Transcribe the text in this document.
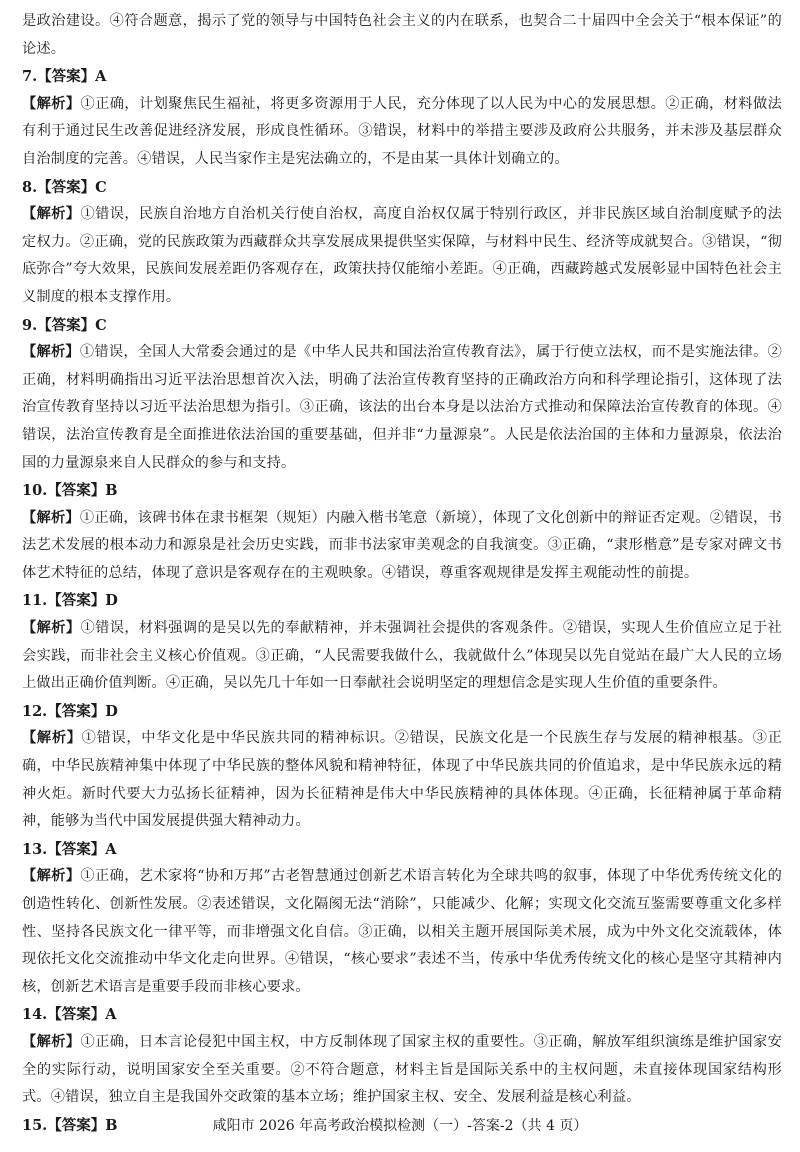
是政治建设。④符合题意，揭示了党的领导与中国特色社会主义的内在联系，也契合二十届四中全会关于“根本保证”的论述。

7.【答案】A

【解析】①正确，计划聚焦民生福祉，将更多资源用于人民，充分体现了以人民为中心的发展思想。②正确，材料做法有利于通过民生改善促进经济发展，形成良性循环。③错误，材料中的举措主要涉及政府公共服务，并未涉及基层群众自治制度的完善。④错误，人民当家作主是宪法确立的，不是由某一具体计划确立的。

8.【答案】C

【解析】①错误，民族自治地方自治机关行使自治权，高度自治权仅属于特别行政区，并非民族区域自治制度赋予的法定权力。②正确，党的民族政策为西藏群众共享发展成果提供坚实保障，与材料中民生、经济等成就契合。③错误，“彻底弥合”夸大效果，民族间发展差距仍客观存在，政策扶持仅能缩小差距。④正确，西藏跨越式发展彰显中国特色社会主义制度的根本支撑作用。

9.【答案】C

【解析】①错误，全国人大常委会通过的是《中华人民共和国法治宣传教育法》，属于行使立法权，而不是实施法律。②正确，材料明确指出习近平法治思想首次入法，明确了法治宣传教育坚持的正确政治方向和科学理论指引，这体现了法治宣传教育坚持以习近平法治思想为指引。③正确，该法的出台本身是以法治方式推动和保障法治宣传教育的体现。④错误，法治宣传教育是全面推进依法治国的重要基础，但并非“力量源泉”。人民是依法治国的主体和力量源泉，依法治国的力量源泉来自人民群众的参与和支持。

10.【答案】B

【解析】①正确，该碑书体在隶书框架（规矩）内融入楷书笔意（新境），体现了文化创新中的辩证否定观。②错误，书法艺术发展的根本动力和源泉是社会历史实践，而非书法家审美观念的自我演变。③正确，“隶形楷意”是专家对碑文书体艺术特征的总结，体现了意识是客观存在的主观映象。④错误，尊重客观规律是发挥主观能动性的前提。

11.【答案】D

【解析】①错误，材料强调的是吴以先的奉献精神，并未强调社会提供的客观条件。②错误，实现人生价值应立足于社会实践，而非社会主义核心价值观。③正确，“人民需要我做什么，我就做什么”体现吴以先自觉站在最广大人民的立场上做出正确价值判断。④正确，吴以先几十年如一日奉献社会说明坚定的理想信念是实现人生价值的重要条件。

12.【答案】D

【解析】①错误，中华文化是中华民族共同的精神标识。②错误，民族文化是一个民族生存与发展的精神根基。③正确，中华民族精神集中体现了中华民族的整体风貌和精神特征，体现了中华民族共同的价值追求，是中华民族永远的精神火炬。新时代要大力弘扬长征精神，因为长征精神是伟大中华民族精神的具体体现。④正确，长征精神属于革命精神，能够为当代中国发展提供强大精神动力。

13.【答案】A

【解析】①正确，艺术家将“协和万邦”古老智慧通过创新艺术语言转化为全球共鸣的叙事，体现了中华优秀传统文化的创造性转化、创新性发展。②表述错误，文化隔阂无法“消除”，只能减少、化解；实现文化交流互鉴需要尊重文化多样性、坚持各民族文化一律平等，而非增强文化自信。③正确，以相关主题开展国际美术展，成为中外文化交流载体，体现依托文化交流推动中华文化走向世界。④错误，“核心要求”表述不当，传承中华优秀传统文化的核心是坚守其精神内核，创新艺术语言是重要手段而非核心要求。

14.【答案】A

【解析】①正确，日本言论侵犯中国主权，中方反制体现了国家主权的重要性。③正确，解放军组织演练是维护国家安全的实际行动，说明国家安全至关重要。②不符合题意，材料主旨是国际关系中的主权问题，未直接体现国家结构形式。④错误，独立自主是我国外交政策的基本立场；维护国家主权、安全、发展利益是核心利益。

15.【答案】B	咸阳市 2026 年高考政治模拟检测（一）-答案-2（共 4 页）
